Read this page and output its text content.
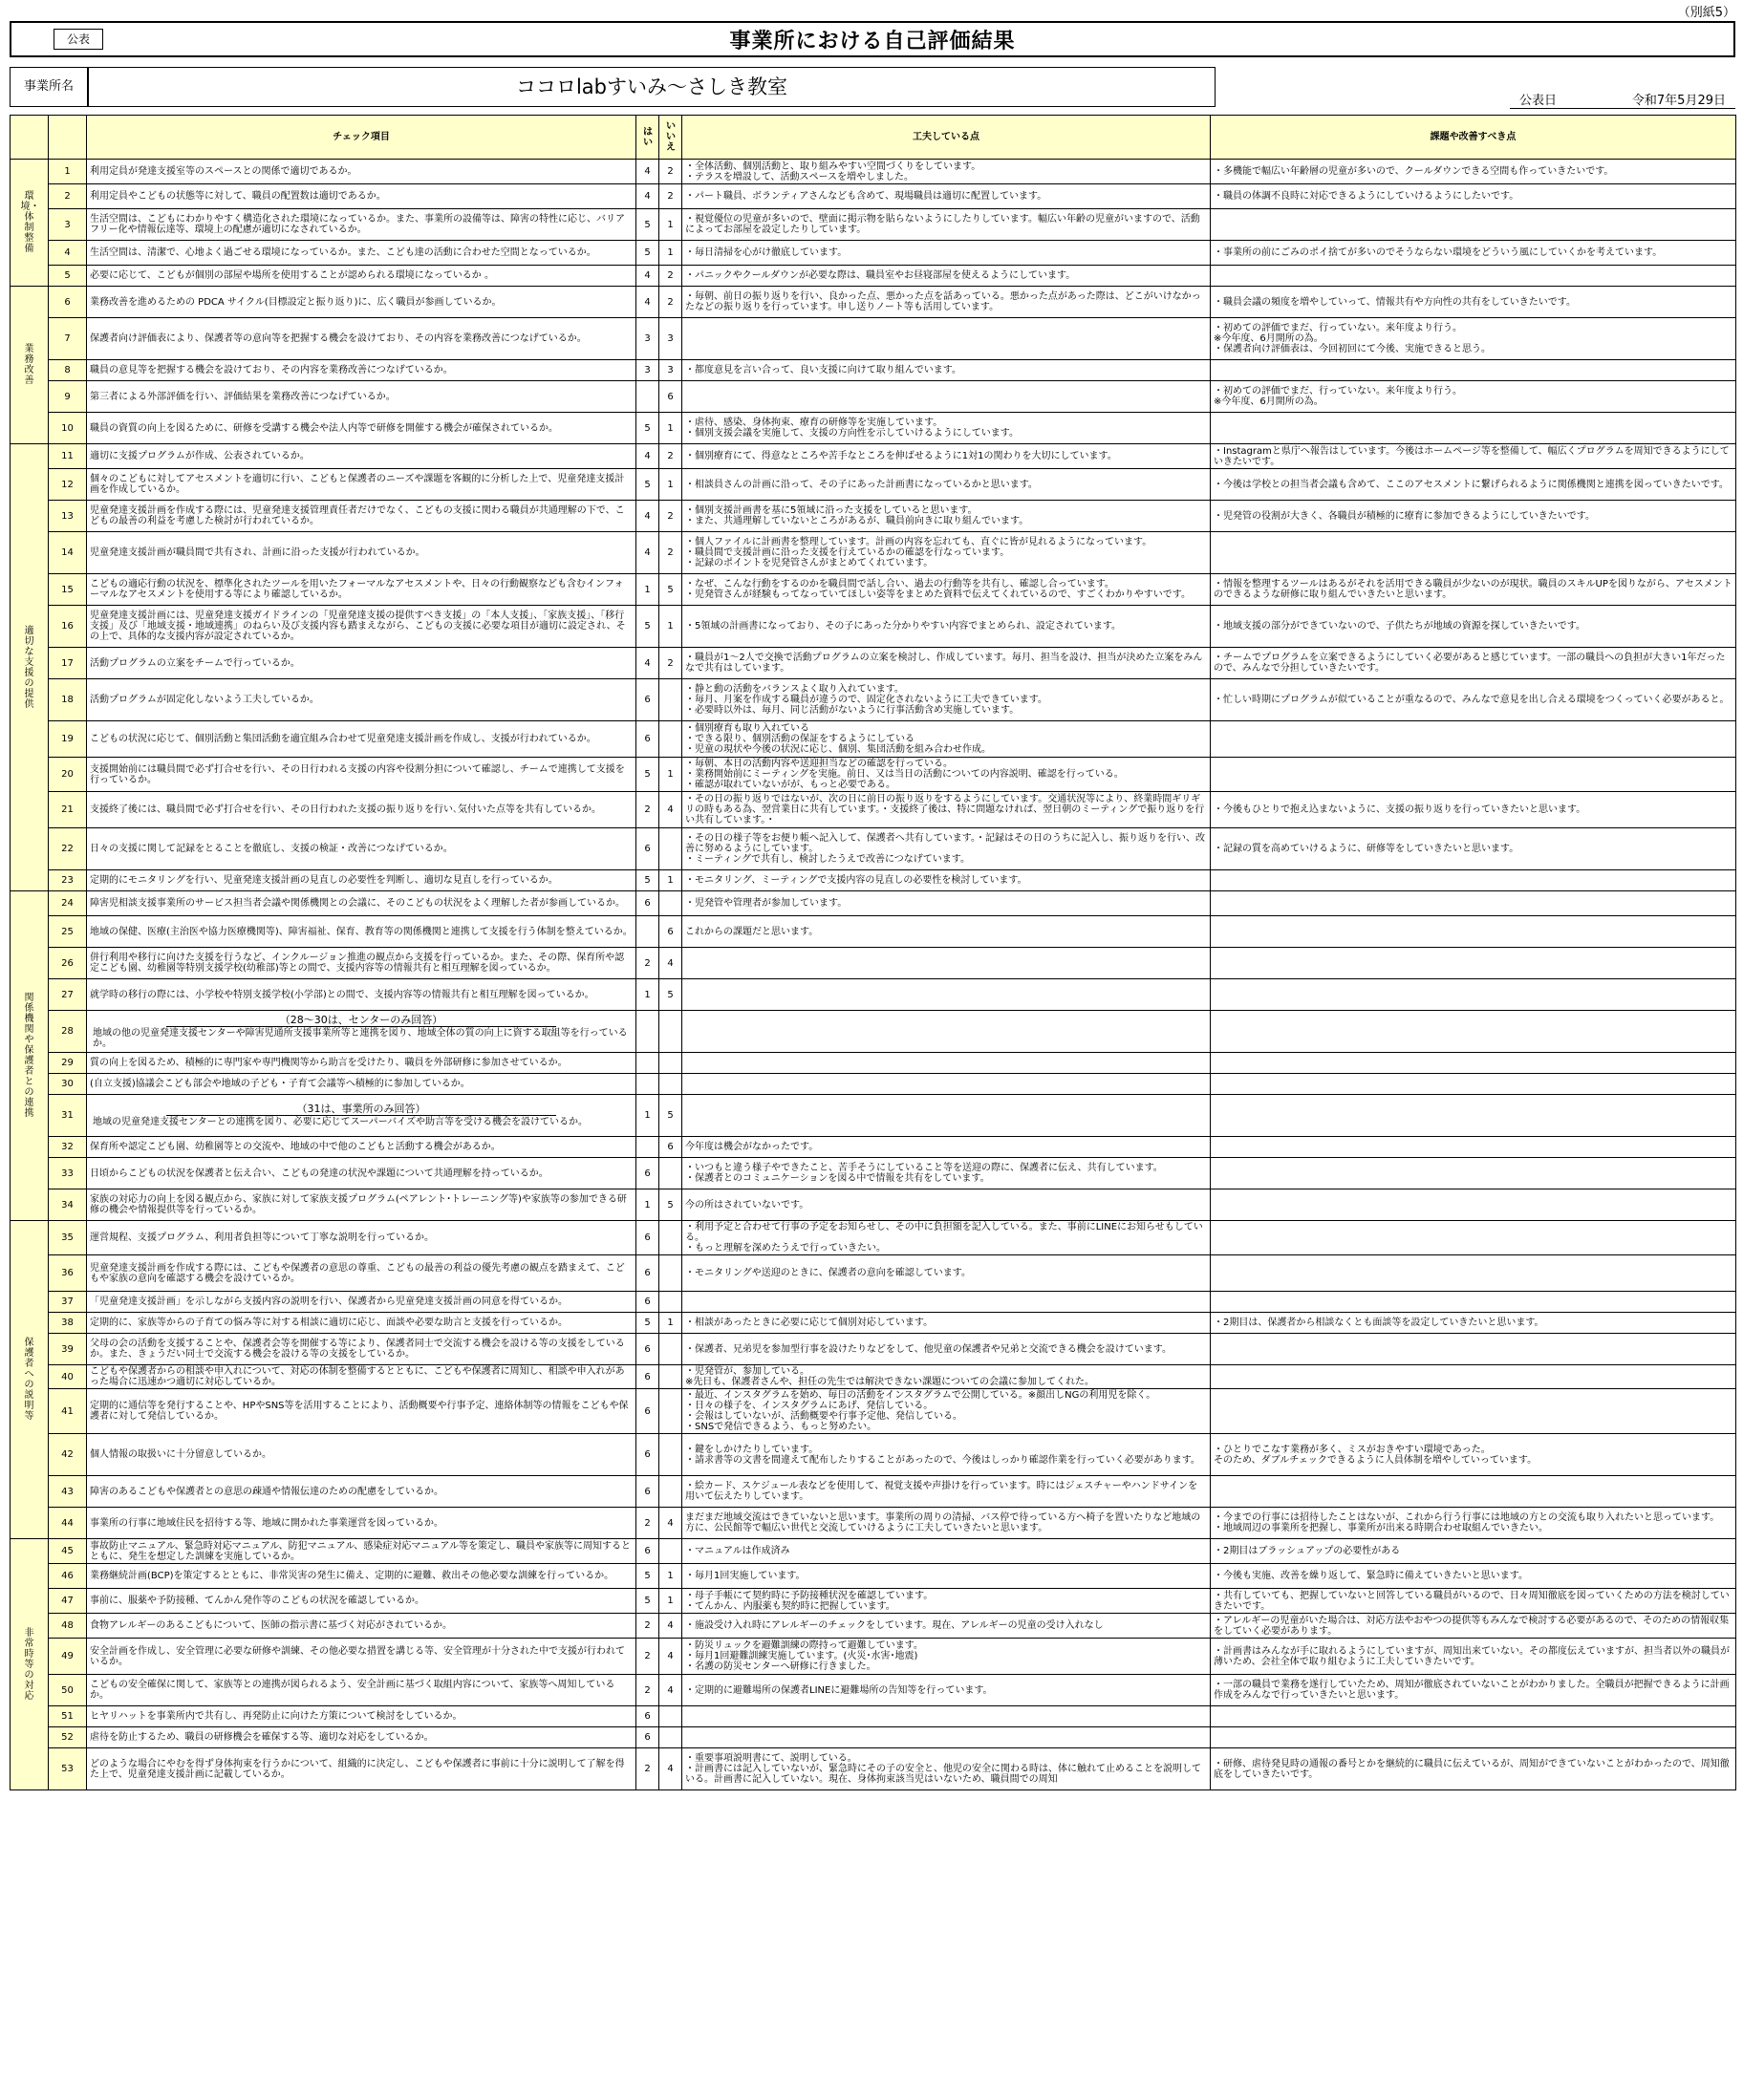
（別紙5）
公表	事業所における自己評価結果
事業所名	ココロlabすいみ～さしき教室
公表日	令和7年5月29日
		チェック項目	はい	いいえ	工夫している点	課題や改善すべき点

環境・体制整備	1	利用定員が発達支援室等のスペースとの関係で適切であるか。	4	2	・全体活動、個別活動と、取り組みやすい空間づくりをしています。
・テラスを増設して、活動スペースを増やしました。	・多機能で幅広い年齢層の児童が多いので、クールダウンできる空間も作っていきたいです。
	2	利用定員やこどもの状態等に対して、職員の配置数は適切であるか。	4	2	・パート職員、ボランティアさんなども含めて、現場職員は適切に配置しています。	・職員の体調不良時に対応できるようにしていけるようにしたいです。
	3	生活空間は、こどもにわかりやすく構造化された環境になっているか。また、事業所の設備等は、障害の特性に応じ、バリアフリー化や情報伝達等、環境上の配慮が適切になされているか。	5	1	・視覚優位の児童が多いので、壁面に掲示物を貼らないようにしたりしています。幅広い年齢の児童がいますので、活動によってお部屋を設定したりしています。	
	4	生活空間は、清潔で、心地よく過ごせる環境になっているか。また、こども達の活動に合わせた空間となっているか。	5	1	・毎日清掃を心がけ徹底しています。	・事業所の前にごみのポイ捨てが多いのでそうならない環境をどういう風にしていくかを考えています。
	5	必要に応じて、こどもが個別の部屋や場所を使用することが認められる環境になっているか 。	4	2	・パニックやクールダウンが必要な際は、職員室やお昼寝部屋を使えるようにしています。	

業務改善	6	業務改善を進めるための PDCA サイクル(目標設定と振り返り)に、広く職員が参画しているか。	4	2	・毎朝、前日の振り返りを行い、良かった点、悪かった点を話あっている。悪かった点があった際は、どこがいけなかったなどの振り返りを行っています。申し送りノート等も活用しています。	・職員会議の頻度を増やしていって、情報共有や方向性の共有をしていきたいです。
	7	保護者向け評価表により、保護者等の意向等を把握する機会を設けており、その内容を業務改善につなげているか。	3	3		・初めての評価でまだ、行っていない。来年度より行う。
※今年度、6月開所の為。
・保護者向け評価表は、今回初回にて今後、実施できると思う。
	8	職員の意見等を把握する機会を設けており、その内容を業務改善につなげているか。	3	3	・都度意見を言い合って、良い支援に向けて取り組んでいます。	
	9	第三者による外部評価を行い、評価結果を業務改善につなげているか。		6		・初めての評価でまだ、行っていない。来年度より行う。
※今年度、6月開所の為。
	10	職員の資質の向上を図るために、研修を受講する機会や法人内等で研修を開催する機会が確保されているか。	5	1	・虐待、感染、身体拘束、療育の研修等を実施しています。
・個別支援会議を実施して、支援の方向性を示していけるようにしています。	

適切な支援の提供	11	適切に支援プログラムが作成、公表されているか。	4	2	・個別療育にて、得意なところや苦手なところを伸ばせるように1対1の関わりを大切にしています。	・Instagramと県庁へ報告はしています。今後はホームページ等を整備して、幅広くプログラムを周知できるようにしていきたいです。
	12	個々のこどもに対してアセスメントを適切に行い、こどもと保護者のニーズや課題を客観的に分析した上で、児童発達支援計画を作成しているか。	5	1	・相談員さんの計画に沿って、その子にあった計画書になっているかと思います。	・今後は学校との担当者会議も含めて、ここのアセスメントに繋げられるように関係機関と連携を図っていきたいです。
	13	児童発達支援計画を作成する際には、児童発達支援管理責任者だけでなく、こどもの支援に関わる職員が共通理解の下で、こどもの最善の利益を考慮した検討が行われているか。	4	2	・個別支援計画書を基に5領域に沿った支援をしていると思います。
・また、共通理解していないところがあるが、職員前向きに取り組んでいます。	・児発管の役割が大きく、各職員が積極的に療育に参加できるようにしていきたいです。
	14	児童発達支援計画が職員間で共有され、計画に沿った支援が行われているか。	4	2	・個人ファイルに計画書を整理しています。計画の内容を忘れても、直ぐに皆が見れるようになっています。
・職員間で支援計画に沿った支援を行えているかの確認を行なっています。
・記録のポイントを児発管さんがまとめてくれています。	
	15	こどもの適応行動の状況を、標準化されたツールを用いたフォーマルなアセスメントや、日々の行動観察なども含むインフォーマルなアセスメントを使用する等により確認しているか。	1	5	・なぜ、こんな行動をするのかを職員間で話し合い、過去の行動等を共有し、確認し合っています。
・児発管さんが経験もってなっていてほしい姿等をまとめた資料で伝えてくれているので、すごくわかりやすいです。	・情報を整理するツールはあるがそれを活用できる職員が少ないのが現状。職員のスキルUPを図りながら、アセスメントのできるような研修に取り組んでいきたいと思います。
	16	児童発達支援計画には、児童発達支援ガイドラインの「児童発達支援の提供すべき支援」の「本人支援」、「家族支援」、「移行支援」及び「地域支援・地域連携」のねらい及び支援内容も踏まえながら、こどもの支援に必要な項目が適切に設定され、その上で、具体的な支援内容が設定されているか。	5	1	・5領域の計画書になっており、その子にあった分かりやすい内容でまとめられ、設定されています。	・地域支援の部分ができていないので、子供たちが地域の資源を探していきたいです。
	17	活動プログラムの立案をチームで行っているか。	4	2	・職員が1～2人で交換で活動プログラムの立案を検討し、作成しています。毎月、担当を設け、担当が決めた立案をみんなで共有はしています。	・チームでプログラムを立案できるようにしていく必要があると感じています。一部の職員への負担が大きい1年だったので、みんなで分担していきたいです。
	18	活動プログラムが固定化しないよう工夫しているか。	6		・静と動の活動をバランスよく取り入れています。
・毎月、月案を作成する職員が違うので、固定化されないように工夫できています。
・必要時以外は、毎月、同じ活動がないように行事活動含め実施しています。	・忙しい時期にプログラムが似ていることが重なるので、みんなで意見を出し合える環境をつくっていく必要があると。
	19	こどもの状況に応じて、個別活動と集団活動を適宜組み合わせて児童発達支援計画を作成し、支援が行われているか。	6		・個別療育も取り入れている
・できる限り、個別活動の保証をするようにしている
・児童の現状や今後の状況に応じ、個別、集団活動を組み合わせ作成。	
	20	支援開始前には職員間で必ず打合せを行い、その日行われる支援の内容や役割分担について確認し、チームで連携して支援を行っているか。	5	1	・毎朝、本日の活動内容や送迎担当などの確認を行っている。
・業務開始前にミーティングを実施。前日、又は当日の活動についての内容説明、確認を行っている。
・確認が取れていないがが、もっと必要である。	
	21	支援終了後には、職員間で必ず打合せを行い、その日行われた支援の振り返りを行い､気付いた点等を共有しているか。	2	4	・その日の振り返りではないが、次の日に前日の振り返りをするようにしています。交通状況等により、終業時間ギリギリの時もある為、翌営業日に共有しています。・支援終了後は、特に問題なければ、翌日朝のミーティングで振り返りを行い共有しています。・	・今後もひとりで抱え込まないように、支援の振り返りを行っていきたいと思います。
	22	日々の支援に関して記録をとることを徹底し、支援の検証・改善につなげているか。	6		・その日の様子等をお便り帳へ記入して、保護者へ共有しています。・記録はその日のうちに記入し、振り返りを行い、改善に努めるようにしています。
・ミーティングで共有し、検討したうえで改善につなげています。	・記録の質を高めていけるように、研修等をしていきたいと思います。
	23	定期的にモニタリングを行い、児童発達支援計画の見直しの必要性を判断し、適切な見直しを行っているか。	5	1	・モニタリング、ミーティングで支援内容の見直しの必要性を検討しています。	

関係機関や保護者との連携	24	障害児相談支援事業所のサービス担当者会議や関係機関との会議に、そのこどもの状況をよく理解した者が参画しているか。	6		・児発管や管理者が参加しています。	
	25	地域の保健、医療(主治医や協力医療機関等)、障害福祉、保育、教育等の関係機関と連携して支援を行う体制を整えているか。		6	これからの課題だと思います。	
	26	併行利用や移行に向けた支援を行うなど、インクルージョン推進の観点から支援を行っているか。また、その際、保育所や認定こども園、幼稚園等特別支援学校(幼稚部)等との間で、支援内容等の情報共有と相互理解を図っているか。	2	4		
	27	就学時の移行の際には、小学校や特別支援学校(小学部)との間で、支援内容等の情報共有と相互理解を図っているか。	1	5		
	28	（28～30は、センターのみ回答）
地域の他の児童発達支援センターや障害児通所支援事業所等と連携を図り、地域全体の質の向上に資する取組等を行っているか。				

	29	質の向上を図るため、積極的に専門家や専門機関等から助言を受けたり、職員を外部研修に参加させているか。				
	30	(自立支援)協議会こども部会や地域の子ども・子育て会議等へ積極的に参加しているか。				
	31	（31は、事業所のみ回答）
地域の児童発達支援センターとの連携を図り、必要に応じてスーパーバイズや助言等を受ける機会を設けているか。	1	5		
	32	保育所や認定こども園、幼稚園等との交流や、地域の中で他のこどもと活動する機会があるか。		6	今年度は機会がなかったです。	
	33	日頃からこどもの状況を保護者と伝え合い、こどもの発達の状況や課題について共通理解を持っているか。	6		・いつもと違う様子やできたこと、苦手そうにしていること等を送迎の際に、保護者に伝え、共有しています。
・保護者とのコミュニケーションを図る中で情報を共有をしています。	
	34	家族の対応力の向上を図る観点から、家族に対して家族支援プログラム(ペアレント･トレーニング等)や家族等の参加できる研修の機会や情報提供等を行っているか。	1	5	今の所はされていないです。	

保護者への説明等	35	運営規程、支援プログラム、利用者負担等について丁寧な説明を行っているか。	6		・利用予定と合わせて行事の予定をお知らせし、その中に負担額を記入している。また、事前にLINEにお知らせもしている。
・もっと理解を深めたうえで行っていきたい。	
	36	児童発達支援計画を作成する際には、こどもや保護者の意思の尊重、こどもの最善の利益の優先考慮の観点を踏まえて、こどもや家族の意向を確認する機会を設けているか。	6		・モニタリングや送迎のときに、保護者の意向を確認しています。	
	37	「児童発達支援計画」を示しながら支援内容の説明を行い、保護者から児童発達支援計画の同意を得ているか。	6			
	38	定期的に、家族等からの子育ての悩み等に対する相談に適切に応じ、面談や必要な助言と支援を行っているか。	5	1	・相談があったときに必要に応じて個別対応しています。	・2期目は、保護者から相談なくとも面談等を設定していきたいと思います。
	39	父母の会の活動を支援することや、保護者会等を開催する等により、保護者同士で交流する機会を設ける等の支援をしているか。また、きょうだい同士で交流する機会を設ける等の支援をしているか。	6		・保護者、兄弟児を参加型行事を設けたりなどをして、他児童の保護者や兄弟と交流できる機会を設けています。	
	40	こどもや保護者からの相談や申入れについて、対応の体制を整備するとともに、こどもや保護者に周知し、相談や申入れがあった場合に迅速かつ適切に対応しているか。	6		・児発管が、参加している。
※先日も、保護者さんや、担任の先生では解決できない課題についての会議に参加してくれた。	
	41	定期的に通信等を発行することや、HPやSNS等を活用することにより、活動概要や行事予定、連絡体制等の情報をこどもや保護者に対して発信しているか。	6		・最近、インスタグラムを始め、毎日の活動をインスタグラムで公開している。※顔出しNGの利用児を除く。
・日々の様子を、インスタグラムにあげ、発信している。
・会報はしていないが、活動概要や行事予定他、発信している。
・SNSで発信できるよう、もっと努めたい。	
	42	個人情報の取扱いに十分留意しているか。	6		・鍵をしかけたりしています。
・請求書等の文書を間違えて配布したりすることがあったので、今後はしっかり確認作業を行っていく必要があります。	・ひとりでこなす業務が多く、ミスがおきやすい環境であった。
そのため、ダブルチェックできるように人員体制を増やしていっています。
	43	障害のあるこどもや保護者との意思の疎通や情報伝達のための配慮をしているか。	6		・絵カード、スケジュール表などを使用して、視覚支援や声掛けを行っています。時にはジェスチャーやハンドサインを用いて伝えたりしています。	
	44	事業所の行事に地域住民を招待する等、地域に開かれた事業運営を図っているか。	2	4	まだまだ地域交流はできていないと思います。事業所の周りの清掃、バス停で待っている方へ椅子を置いたりなど地域の方に、公民館等で幅広い世代と交流していけるように工夫していきたいと思います。	・今までの行事には招待したことはないが、これから行う行事には地域の方との交流も取り入れたいと思っています。
・地域周辺の事業所を把握し、事業所が出来る時期合わせ取組んでいきたい。

非常時等の対応	45	事故防止マニュアル、緊急時対応マニュアル、防犯マニュアル、感染症対応マニュアル等を策定し、職員や家族等に周知するとともに、発生を想定した訓練を実施しているか。	6		・マニュアルは作成済み	・2期目はブラッシュアップの必要性がある
	46	業務継続計画(BCP)を策定するとともに、非常災害の発生に備え、定期的に避難、救出その他必要な訓練を行っているか。	5	1	・毎月1回実施しています。	・今後も実施、改善を繰り返して、緊急時に備えていきたいと思います。
	47	事前に、服薬や予防接種、てんかん発作等のこどもの状況を確認しているか。	5	1	・母子手帳にて契約時に予防接種状況を確認しています。
・てんかん、内服薬も契約時に把握しています。	・共有していても、把握していないと回答している職員がいるので、日々周知徹底を図っていくための方法を検討していきたいです。
	48	食物アレルギーのあるこどもについて、医師の指示書に基づく対応がされているか。	2	4	・施設受け入れ時にアレルギーのチェックをしています。現在、アレルギーの児童の受け入れなし	・アレルギーの児童がいた場合は、対応方法やおやつの提供等もみんなで検討する必要があるので、そのための情報収集をしていく必要があります。
	49	安全計画を作成し、安全管理に必要な研修や訓練、その他必要な措置を講じる等、安全管理が十分された中で支援が行われているか。	2	4	・防災リュックを避難訓練の際持って避難しています。
・毎月1回避難訓練実施しています。(火災･水害･地震)
・名護の防災センターへ研修に行きました。	・計画書はみんなが手に取れるようにしていますが、周知出来ていない。その都度伝えていますが、担当者以外の職員が薄いため、会社全体で取り組むように工夫していきたいです。
	50	こどもの安全確保に関して、家族等との連携が図られるよう、安全計画に基づく取組内容について、家族等へ周知しているか。	2	4	・定期的に避難場所の保護者LINEに避難場所の告知等を行っています。	・一部の職員で業務を遂行していたため、周知が徹底されていないことがわかりました。全職員が把握できるように計画作成をみんなで行っていきたいと思います。
	51	ヒヤリハットを事業所内で共有し、再発防止に向けた方策について検討をしているか。	6			
	52	虐待を防止するため、職員の研修機会を確保する等、適切な対応をしているか。	6			
	53	どのような場合にやむを得ず身体拘束を行うかについて、組織的に決定し、こどもや保護者に事前に十分に説明して了解を得た上で、児童発達支援計画に記載しているか。	2	4	・重要事項説明書にて、説明している。
・計画書には記入していないが、緊急時にその子の安全と、他児の安全に関わる時は、体に触れて止めることを説明している。計画書に記入していない。現在、身体拘束該当児はいないため、職員間での周知	・研修、虐待発見時の通報の番号とかを継続的に職員に伝えているが、周知ができていないことがわかったので、周知徹底をしていきたいです。
